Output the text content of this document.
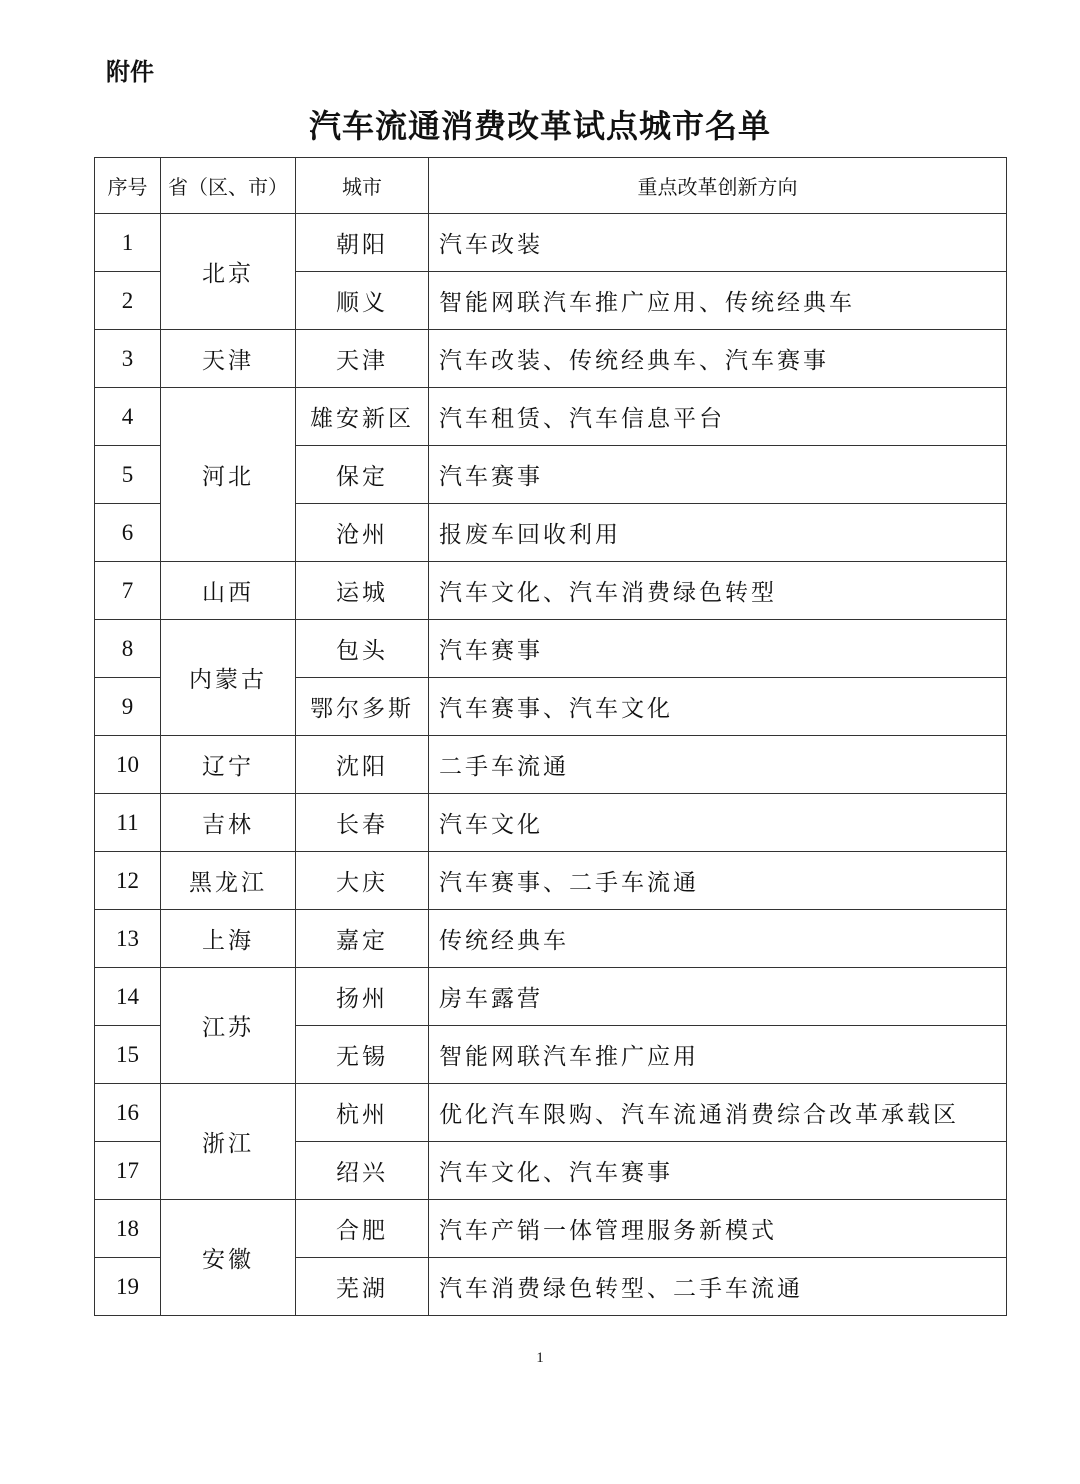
附件
汽车流通消费改革试点城市名单
序号	省（区、市）	城市	重点改革创新方向
1	北京	朝阳	汽车改装
2		顺义	智能网联汽车推广应用、传统经典车
3	天津	天津	汽车改装、传统经典车、汽车赛事
4	河北	雄安新区	汽车租赁、汽车信息平台
5		保定	汽车赛事
6		沧州	报废车回收利用
7	山西	运城	汽车文化、汽车消费绿色转型
8	内蒙古	包头	汽车赛事
9		鄂尔多斯	汽车赛事、汽车文化
10	辽宁	沈阳	二手车流通
11	吉林	长春	汽车文化
12	黑龙江	大庆	汽车赛事、二手车流通
13	上海	嘉定	传统经典车
14	江苏	扬州	房车露营
15		无锡	智能网联汽车推广应用
16	浙江	杭州	优化汽车限购、汽车流通消费综合改革承载区
17		绍兴	汽车文化、汽车赛事
18	安徽	合肥	汽车产销一体管理服务新模式
19		芜湖	汽车消费绿色转型、二手车流通
1
